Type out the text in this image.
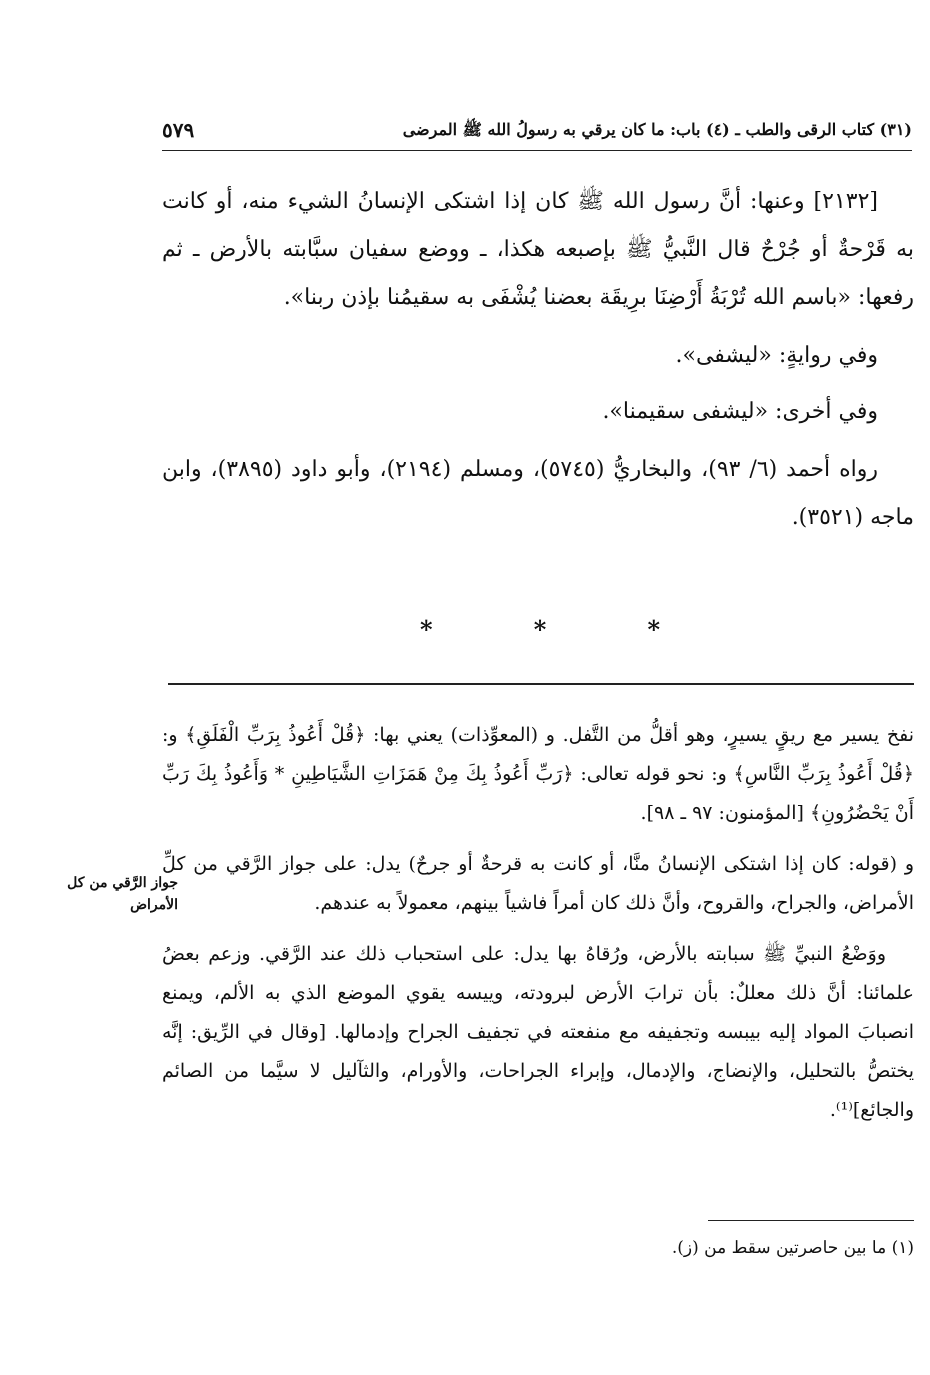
(٣١) كتاب الرقى والطب ـ (٤) باب: ما كان يرقي به رسولُ الله ﷺ المرضى
٥٧٩

[٢١٣٢] وعنها: أنَّ رسول الله ﷺ كان إذا اشتكى الإنسانُ الشيء منه، أو كانت به قَرْحةٌ أو جُرْحٌ قال النَّبيُّ ﷺ بإصبعه هكذا، ـ ووضع سفيان سبَّابته بالأرض ـ ثم رفعها: «باسم الله تُرْبَةُ أَرْضِنَا برِيقَة بعضنا يُشْفَى به سقيمُنا بإذن ربنا».

وفي روايةٍ: «ليشفى».

وفي أخرى: «ليشفى سقيمنا».

رواه أحمد (٦/ ٩٣)، والبخاريُّ (٥٧٤٥)، ومسلم (٢١٩٤)، وأبو داود (٣٨٩٥)، وابن ماجه (٣٥٢١).

*
*
*

نفخ يسير مع ريقٍ يسيرٍ، وهو أقلُّ من التَّفل. و (المعوِّذات) يعني بها: ﴿قُلْ أَعُوذُ بِرَبِّ الْفَلَقِ﴾ و: ﴿قُلْ أَعُوذُ بِرَبِّ النَّاسِ﴾ و: نحو قوله تعالى: ﴿رَبِّ أَعُوذُ بِكَ مِنْ هَمَزَاتِ الشَّيَاطِينِ * وَأَعُوذُ بِكَ رَبِّ أَنْ يَحْضُرُونِ﴾ [المؤمنون: ٩٧ ـ ٩٨].

و (قوله: كان إذا اشتكى الإنسانُ منَّا، أو كانت به قرحةٌ أو جرحٌ) يدل: على جواز الرَّقي من كلِّ الأمراض، والجراح، والقروح، وأنَّ ذلك كان أمراً فاشياً بينهم، معمولاً به عندهم.

ووَضْعُ النبيِّ ﷺ سبابته بالأرض، ورُقاهُ بها يدل: على استحباب ذلك عند الرَّقي. وزعم بعضُ علمائنا: أنَّ ذلك معللٌ: بأن ترابَ الأرض لبرودته، وييسه يقوي الموضع الذي به الألم، ويمنع انصبابَ المواد إليه بيبسه وتجفيفه مع منفعته في تجفيف الجراح وإدمالها. [وقال في الرِّيق: إنَّه يختصُّ بالتحليل، والإنضاج، والإدمال، وإبراء الجراحات، والأورام، والثآليل لا سيَّما من الصائم والجائع]⁽¹⁾.

جواز الرَّقي من كل الأمراض
(١) ما بين حاصرتين سقط من (ز).
